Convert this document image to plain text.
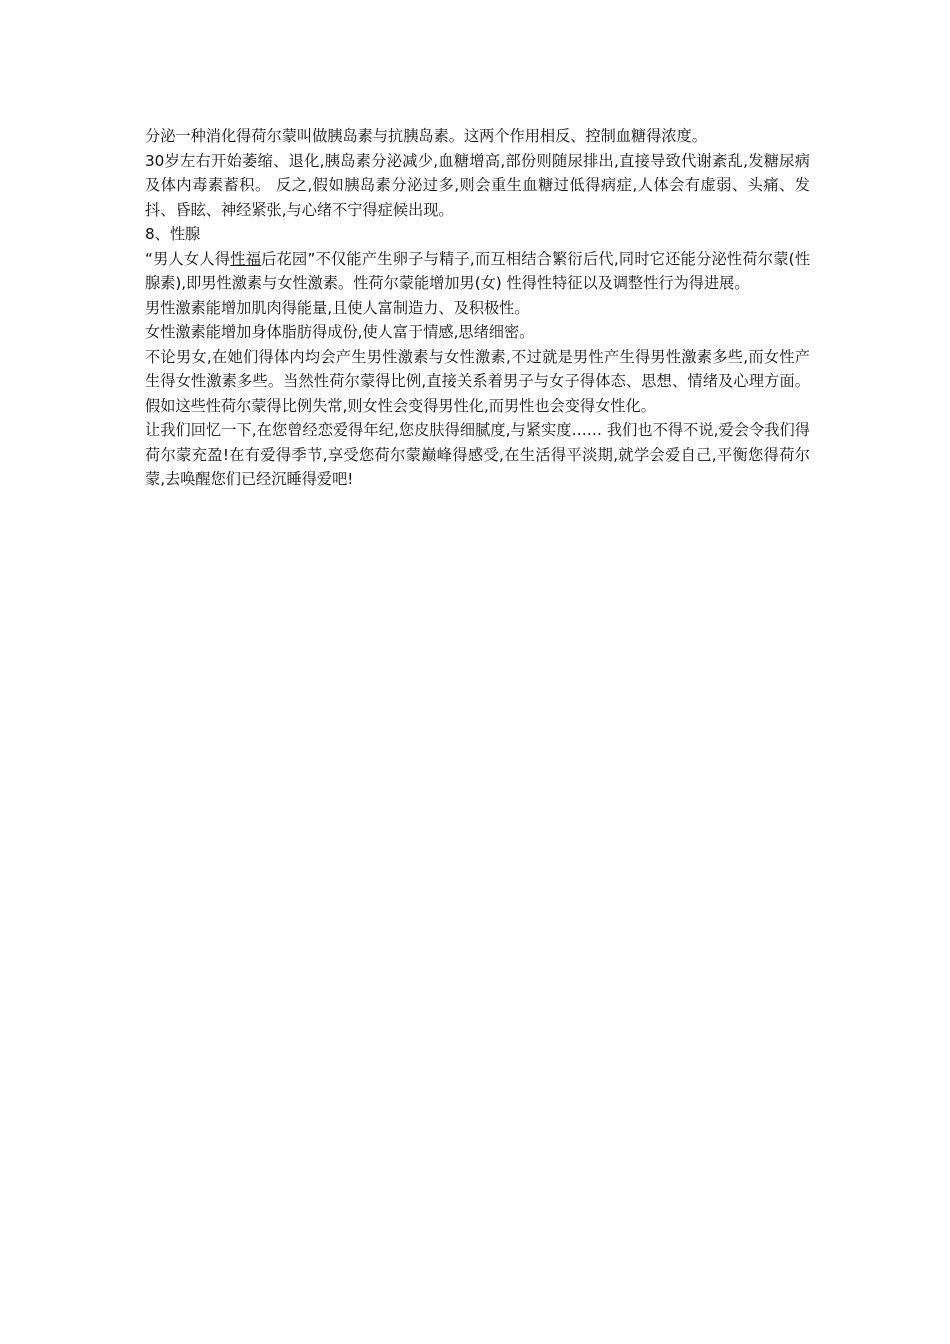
分泌一种消化得荷尔蒙叫做胰岛素与抗胰岛素。这两个作用相反、控制血糖得浓度。

30岁左右开始萎缩、退化,胰岛素分泌减少,血糖增高,部份则随尿排出,直接导致代谢紊乱,发糖尿病及体内毒素蓄积。 反之,假如胰岛素分泌过多,则会重生血糖过低得病症,人体会有虚弱、头痛、发抖、昏眩、神经紧张,与心绪不宁得症候出现。

8、性腺

“男人女人得性福后花园”不仅能产生卵子与精子,而互相结合繁衍后代,同时它还能分泌性荷尔蒙(性腺素),即男性激素与女性激素。性荷尔蒙能增加男(女) 性得性特征以及调整性行为得进展。

男性激素能增加肌肉得能量,且使人富制造力、及积极性。

女性激素能增加身体脂肪得成份,使人富于情感,思绪细密。

不论男女,在她们得体内均会产生男性激素与女性激素,不过就是男性产生得男性激素多些,而女性产生得女性激素多些。当然性荷尔蒙得比例,直接关系着男子与女子得体态、思想、情绪及心理方面。假如这些性荷尔蒙得比例失常,则女性会变得男性化,而男性也会变得女性化。

让我们回忆一下,在您曾经恋爱得年纪,您皮肤得细腻度,与紧实度…… 我们也不得不说,爱会令我们得荷尔蒙充盈!在有爱得季节,享受您荷尔蒙巅峰得感受,在生活得平淡期,就学会爱自己,平衡您得荷尔蒙,去唤醒您们已经沉睡得爱吧!
